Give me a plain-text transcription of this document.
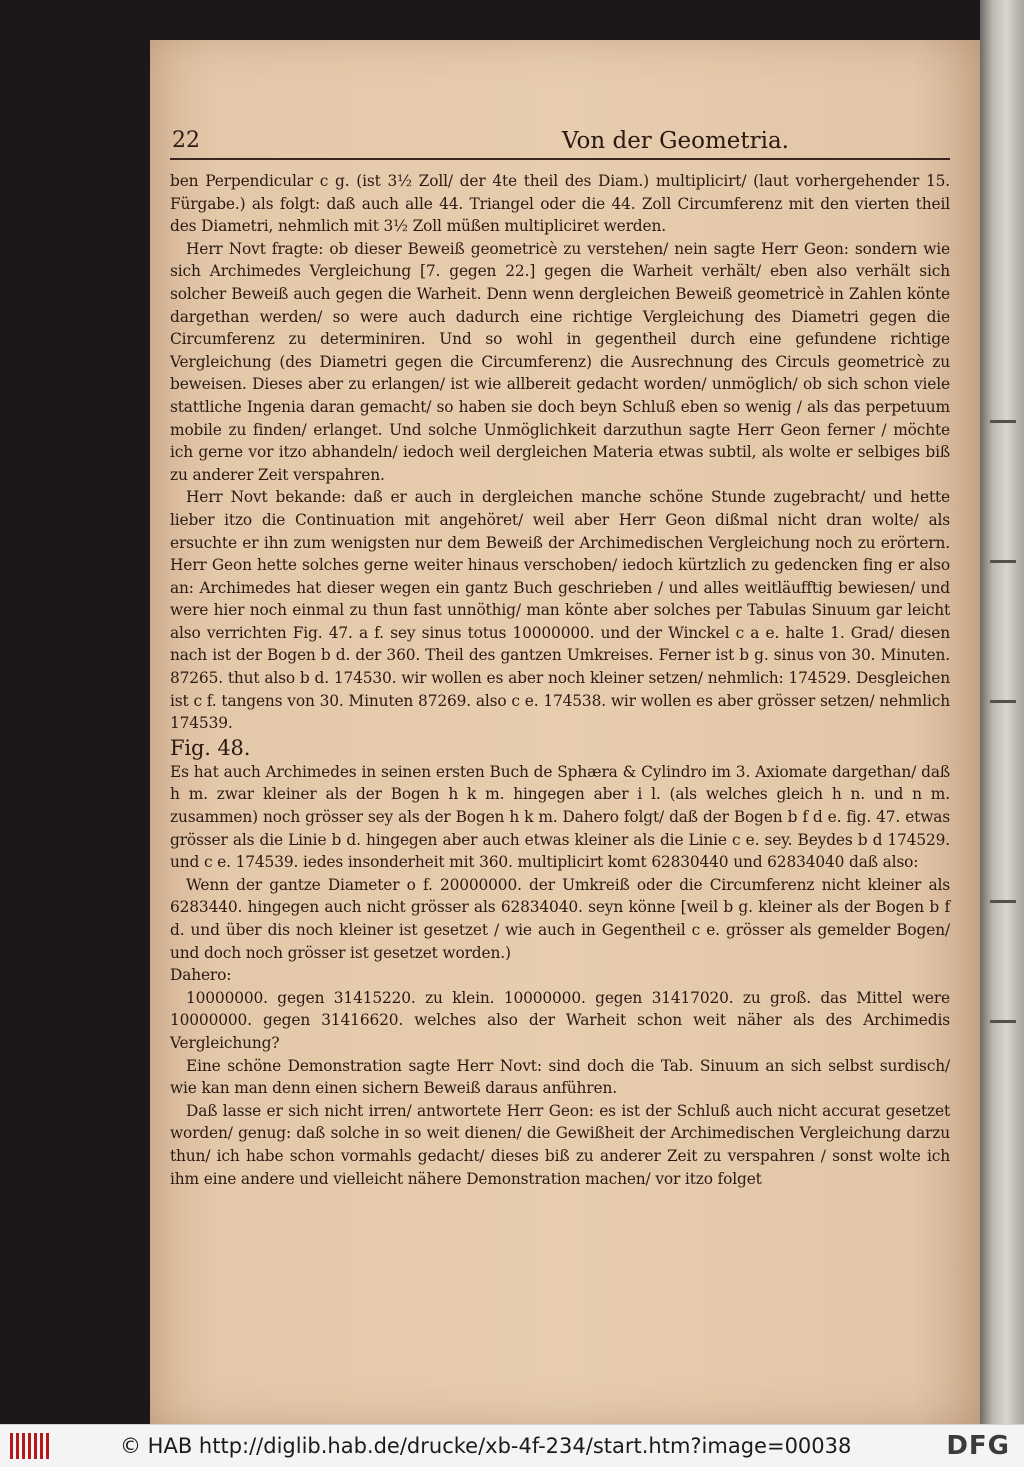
22	Von der Geometria.

ben Perpendicular c g. (ist 3½ Zoll/ der 4te theil des Diam.) multiplicirt/ (laut vorhergehender 15. Fürgabe.) als folgt: daß auch alle 44. Triangel oder die 44. Zoll Circumferenz mit den vierten theil des Diametri, nehmlich mit 3½ Zoll müßen multipliciret werden.

Herr Novt fragte: ob dieser Beweiß geometricè zu verstehen/ nein sagte Herr Geon: sondern wie sich Archimedes Vergleichung [7. gegen 22.] gegen die Warheit verhält/ eben also verhält sich solcher Beweiß auch gegen die Warheit. Denn wenn dergleichen Beweiß geometricè in Zahlen könte dargethan werden/ so were auch dadurch eine richtige Vergleichung des Diametri gegen die Circumferenz zu determiniren. Und so wohl in gegentheil durch eine gefundene richtige Vergleichung (des Diametri gegen die Circumferenz) die Ausrechnung des Circuls geometricè zu beweisen. Dieses aber zu erlangen/ ist wie allbereit gedacht worden/ unmöglich/ ob sich schon viele stattliche Ingenia daran gemacht/ so haben sie doch beyn Schluß eben so wenig / als das perpetuum mobile zu finden/ erlanget. Und solche Unmöglichkeit darzuthun sagte Herr Geon ferner / möchte ich gerne vor itzo abhandeln/ iedoch weil dergleichen Materia etwas subtil, als wolte er selbiges biß zu anderer Zeit verspahren.

Herr Novt bekande: daß er auch in dergleichen manche schöne Stunde zugebracht/ und hette lieber itzo die Continuation mit angehöret/ weil aber Herr Geon dißmal nicht dran wolte/ als ersuchte er ihn zum wenigsten nur dem Beweiß der Archimedischen Vergleichung noch zu erörtern. Herr Geon hette solches gerne weiter hinaus verschoben/ iedoch kürtzlich zu gedencken fing er also an: Archimedes hat dieser wegen ein gantz Buch geschrieben / und alles weitläufftig bewiesen/ und were hier noch einmal zu thun fast unnöthig/ man könte aber solches per Tabulas Sinuum gar leicht also verrichten Fig. 47. a f. sey sinus totus 10000000. und der Winckel c a e. halte 1. Grad/ diesen nach ist der Bogen b d. der 360. Theil des gantzen Umkreises. Ferner ist b g. sinus von 30. Minuten. 87265. thut also b d. 174530. wir wollen es aber noch kleiner setzen/ nehmlich: 174529. Desgleichen ist c f. tangens von 30. Minuten 87269. also c e. 174538. wir wollen es aber grösser setzen/ nehmlich 174539.

Fig. 48.

Es hat auch Archimedes in seinen ersten Buch de Sphæra & Cylindro im 3. Axiomate dargethan/ daß h m. zwar kleiner als der Bogen h k m. hingegen aber i l. (als welches gleich h n. und n m. zusammen) noch grösser sey als der Bogen h k m. Dahero folgt/ daß der Bogen b f d e. fig. 47. etwas grösser als die Linie b d. hingegen aber auch etwas kleiner als die Linie c e. sey. Beydes b d 174529. und c e. 174539. iedes insonderheit mit 360. multiplicirt komt 62830440 und 62834040 daß also:

Wenn der gantze Diameter o f. 20000000. der Umkreiß oder die Circumferenz nicht kleiner als 6283440. hingegen auch nicht grösser als 62834040. seyn könne [weil b g. kleiner als der Bogen b f d. und über dis noch kleiner ist gesetzet / wie auch in Gegentheil c e. grösser als gemelder Bogen/ und doch noch grösser ist gesetzet worden.)

Dahero:

10000000. gegen 31415220. zu klein. 10000000. gegen 31417020. zu groß. das Mittel were 10000000. gegen 31416620. welches also der Warheit schon weit näher als des Archimedis Vergleichung?

Eine schöne Demonstration sagte Herr Novt: sind doch die Tab. Sinuum an sich selbst surdisch/ wie kan man denn einen sichern Beweiß daraus anführen.

Daß lasse er sich nicht irren/ antwortete Herr Geon: es ist der Schluß auch nicht accurat gesetzet worden/ genug: daß solche in so weit dienen/ die Gewißheit der Archimedischen Vergleichung darzu thun/ ich habe schon vormahls gedacht/ dieses biß zu anderer Zeit zu verspahren / sonst wolte ich ihm eine andere und vielleicht nähere Demonstration machen/ vor itzo folget

© HAB http://diglib.hab.de/drucke/xb-4f-234/start.htm?image=00038	DFG
